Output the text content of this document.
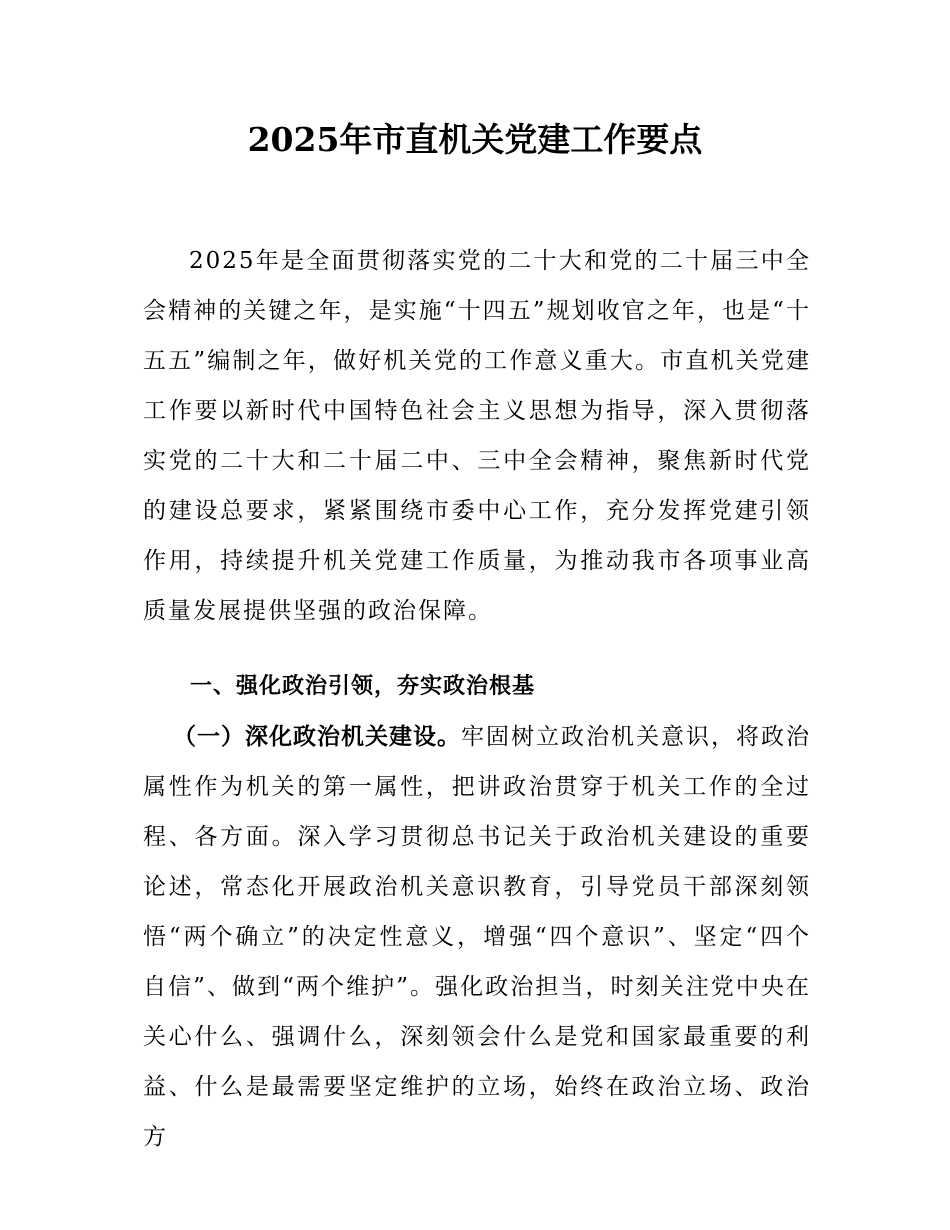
2025年市直机关党建工作要点

2025年是全面贯彻落实党的二十大和党的二十届三中全会精神的关键之年，是实施“十四五”规划收官之年，也是“十五五”编制之年，做好机关党的工作意义重大。市直机关党建工作要以新时代中国特色社会主义思想为指导，深入贯彻落实党的二十大和二十届二中、三中全会精神，聚焦新时代党的建设总要求，紧紧围绕市委中心工作，充分发挥党建引领作用，持续提升机关党建工作质量，为推动我市各项事业高质量发展提供坚强的政治保障。

一、强化政治引领，夯实政治根基

（一）深化政治机关建设。牢固树立政治机关意识，将政治属性作为机关的第一属性，把讲政治贯穿于机关工作的全过程、各方面。深入学习贯彻总书记关于政治机关建设的重要论述，常态化开展政治机关意识教育，引导党员干部深刻领悟“两个确立”的决定性意义，增强“四个意识”、坚定“四个自信”、做到“两个维护”。强化政治担当，时刻关注党中央在关心什么、强调什么，深刻领会什么是党和国家最重要的利益、什么是最需要坚定维护的立场，始终在政治立场、政治方
